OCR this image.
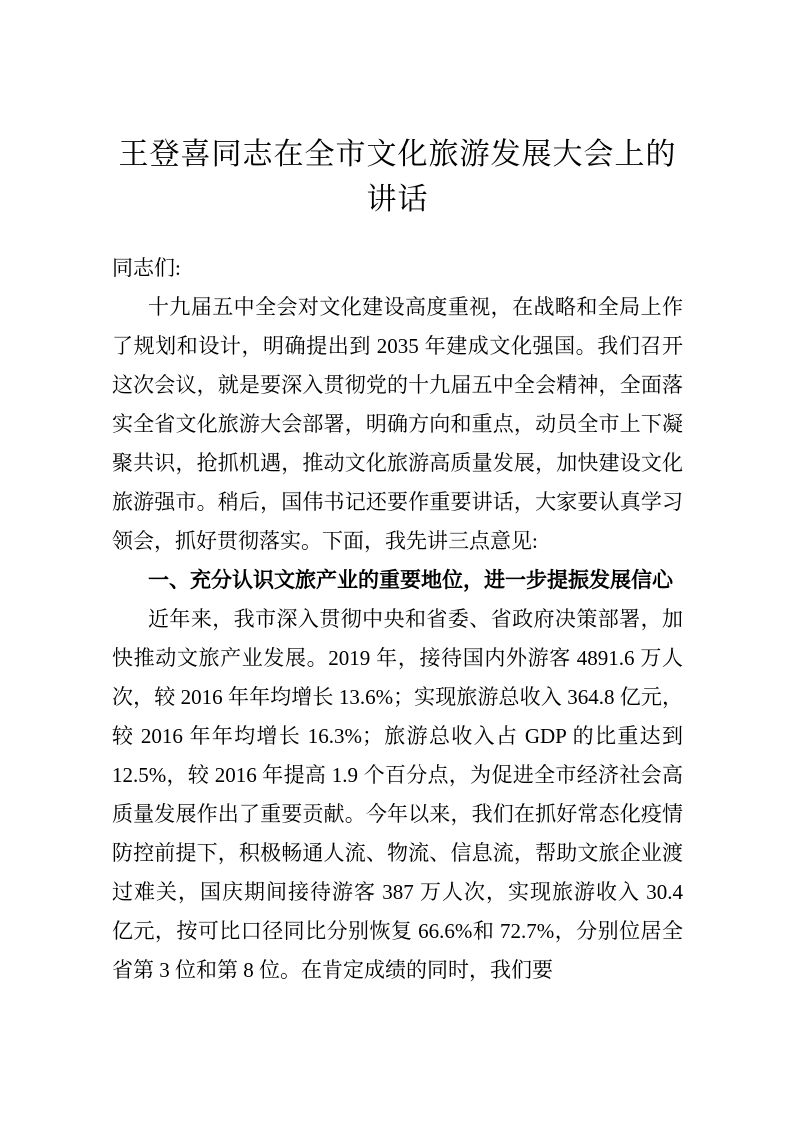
王登喜同志在全市文化旅游发展大会上的讲话

同志们:

十九届五中全会对文化建设高度重视，在战略和全局上作了规划和设计，明确提出到 2035 年建成文化强国。我们召开这次会议，就是要深入贯彻党的十九届五中全会精神，全面落实全省文化旅游大会部署，明确方向和重点，动员全市上下凝聚共识，抢抓机遇，推动文化旅游高质量发展，加快建设文化旅游强市。稍后，国伟书记还要作重要讲话，大家要认真学习领会，抓好贯彻落实。下面，我先讲三点意见:

一、充分认识文旅产业的重要地位，进一步提振发展信心

近年来，我市深入贯彻中央和省委、省政府决策部署，加快推动文旅产业发展。2019 年，接待国内外游客 4891.6 万人次，较 2016 年年均增长 13.6%；实现旅游总收入 364.8 亿元，较 2016 年年均增长 16.3%；旅游总收入占 GDP 的比重达到 12.5%，较 2016 年提高 1.9 个百分点，为促进全市经济社会高质量发展作出了重要贡献。今年以来，我们在抓好常态化疫情防控前提下，积极畅通人流、物流、信息流，帮助文旅企业渡过难关，国庆期间接待游客 387 万人次，实现旅游收入 30.4 亿元，按可比口径同比分别恢复 66.6%和 72.7%，分别位居全省第 3 位和第 8 位。在肯定成绩的同时，我们要
